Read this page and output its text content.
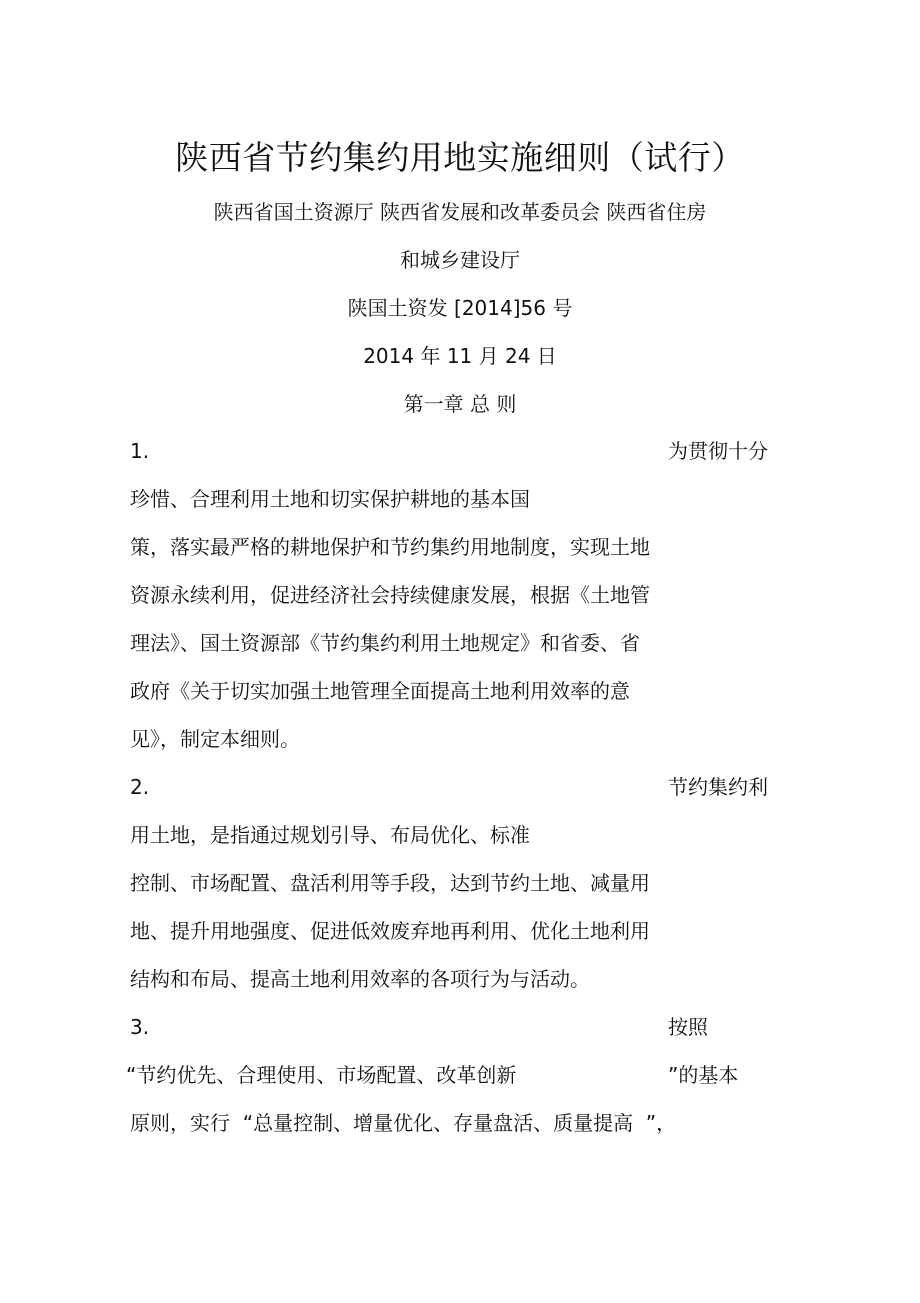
陕西省节约集约用地实施细则（试行）
陕西省国土资源厅 陕西省发展和改革委员会 陕西省住房
和城乡建设厅
陕国土资发 [2014]56 号
2014 年 11 月 24 日
第一章 总 则
1.	为贯彻十分
珍惜、合理利用土地和切实保护耕地的基本国
策，落实最严格的耕地保护和节约集约用地制度，实现土地
资源永续利用，促进经济社会持续健康发展，根据《土地管
理法》、国土资源部《节约集约利用土地规定》和省委、省
政府《关于切实加强土地管理全面提高土地利用效率的意
见》，制定本细则。
2.	节约集约利
用土地，是指通过规划引导、布局优化、标准
控制、市场配置、盘活利用等手段，达到节约土地、减量用
地、提升用地强度、促进低效废弃地再利用、优化土地利用
结构和布局、提高土地利用效率的各项行为与活动。
3.	按照
“节约优先、合理使用、市场配置、改革创新	”的基本
原则，实行  “总量控制、增量优化、存量盘活、质量提高  ”，
